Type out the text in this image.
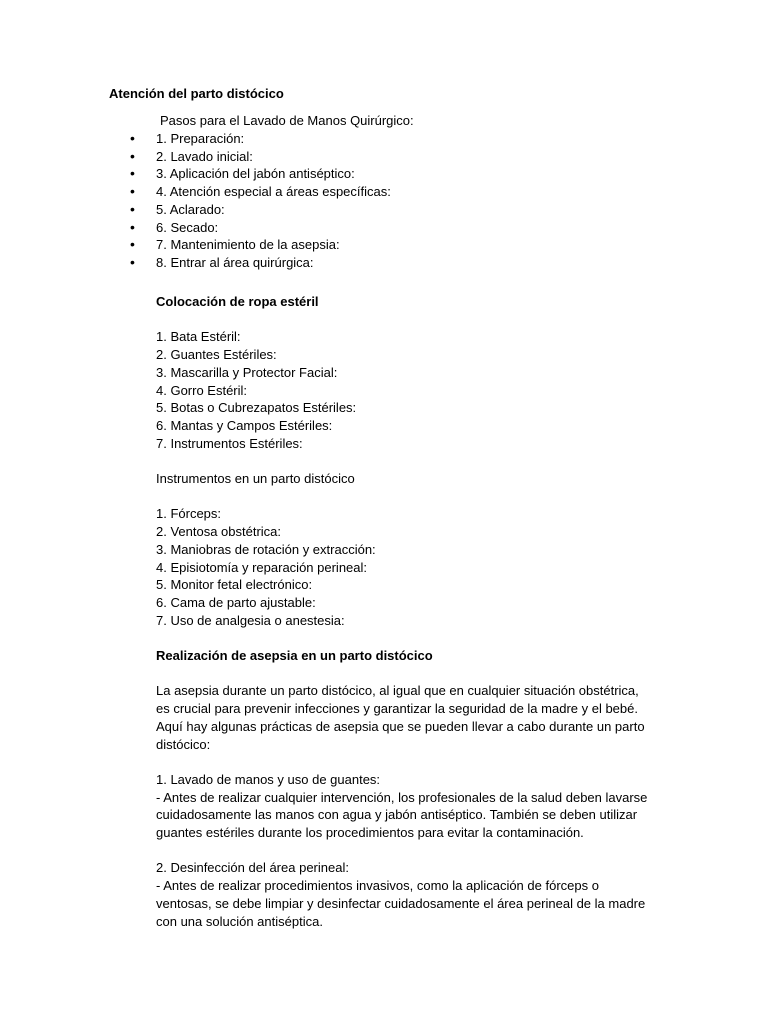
Atención del parto distócico

Pasos para el Lavado de Manos Quirúrgico:

• 1. Preparación:
• 2. Lavado inicial:
• 3. Aplicación del jabón antiséptico:
• 4. Atención especial a áreas específicas:
• 5. Aclarado:
• 6. Secado:
• 7. Mantenimiento de la asepsia:
• 8. Entrar al área quirúrgica:

Colocación de ropa estéril

1. Bata Estéril:
2. Guantes Estériles:
3. Mascarilla y Protector Facial:
4. Gorro Estéril:
5. Botas o Cubrezapatos Estériles:
6. Mantas y Campos Estériles:
7. Instrumentos Estériles:

Instrumentos en un parto distócico

1. Fórceps:
2. Ventosa obstétrica:
3. Maniobras de rotación y extracción:
4. Episiotomía y reparación perineal:
5. Monitor fetal electrónico:
6. Cama de parto ajustable:
7. Uso de analgesia o anestesia:

Realización de asepsia en un parto distócico

La asepsia durante un parto distócico, al igual que en cualquier situación obstétrica, es crucial para prevenir infecciones y garantizar la seguridad de la madre y el bebé. Aquí hay algunas prácticas de asepsia que se pueden llevar a cabo durante un parto distócico:

1. Lavado de manos y uso de guantes:

- Antes de realizar cualquier intervención, los profesionales de la salud deben lavarse cuidadosamente las manos con agua y jabón antiséptico. También se deben utilizar guantes estériles durante los procedimientos para evitar la contaminación.

2. Desinfección del área perineal:

- Antes de realizar procedimientos invasivos, como la aplicación de fórceps o ventosas, se debe limpiar y desinfectar cuidadosamente el área perineal de la madre con una solución antiséptica.
